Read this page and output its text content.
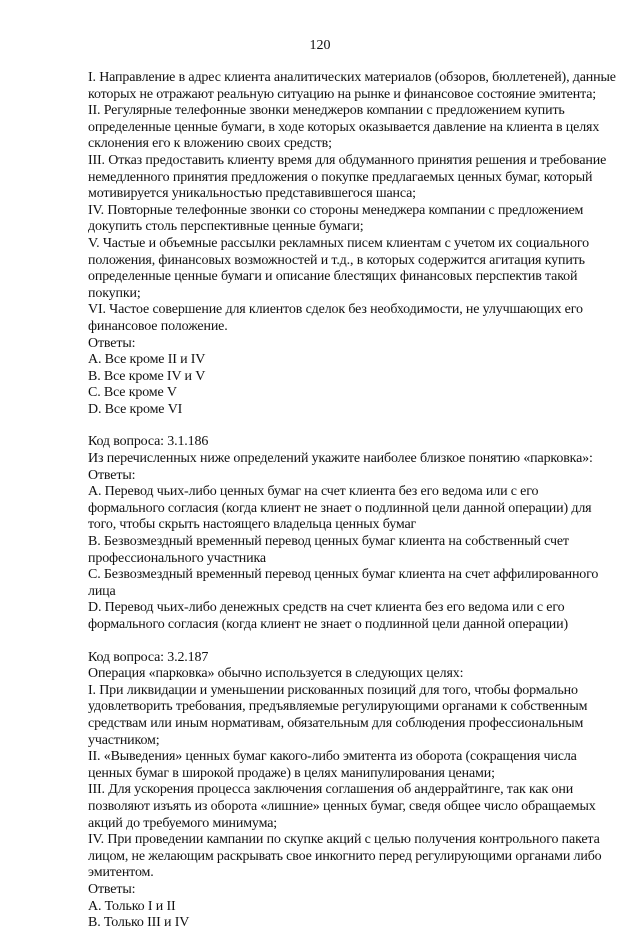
120
I. Направление в адрес клиента аналитических материалов (обзоров, бюллетеней), данные
которых не отражают реальную ситуацию на рынке и финансовое состояние эмитента;
II. Регулярные телефонные звонки менеджеров компании с предложением купить
определенные ценные бумаги, в ходе которых оказывается давление на клиента в целях
склонения его к вложению своих средств;
III. Отказ предоставить клиенту время для обдуманного принятия решения и требование
немедленного принятия предложения о покупке предлагаемых ценных бумаг, который
мотивируется уникальностью представившегося шанса;
IV. Повторные телефонные звонки со стороны менеджера компании с предложением
докупить столь перспективные ценные бумаги;
V. Частые и объемные рассылки рекламных писем клиентам с учетом их социального
положения, финансовых возможностей и т.д., в которых содержится агитация купить
определенные ценные бумаги и описание блестящих финансовых перспектив такой
покупки;
VI. Частое совершение для клиентов сделок без необходимости, не улучшающих его
финансовое положение.
Ответы:
A. Все кроме II и IV
B. Все кроме IV и V
C. Все кроме V
D. Все кроме VI
Код вопроса: 3.1.186
Из перечисленных ниже определений укажите наиболее близкое понятию «парковка»:
Ответы:
A. Перевод чьих-либо ценных бумаг на счет клиента без его ведома или с его
формального согласия (когда клиент не знает о подлинной цели данной операции) для
того, чтобы скрыть настоящего владельца ценных бумаг
B. Безвозмездный временный перевод ценных бумаг клиента на собственный счет
профессионального участника
C. Безвозмездный временный перевод ценных бумаг клиента на счет аффилированного
лица
D. Перевод чьих-либо денежных средств на счет клиента без его ведома или с его
формального согласия (когда клиент не знает о подлинной цели данной операции)
Код вопроса: 3.2.187
Операция «парковка» обычно используется в следующих целях:
I. При ликвидации и уменьшении рискованных позиций для того, чтобы формально
удовлетворить требования, предъявляемые регулирующими органами к собственным
средствам или иным нормативам, обязательным для соблюдения профессиональным
участником;
II. «Выведения» ценных бумаг какого-либо эмитента из оборота (сокращения числа
ценных бумаг в широкой продаже) в целях манипулирования ценами;
III. Для ускорения процесса заключения соглашения об андеррайтинге, так как они
позволяют изъять из оборота «лишние» ценных бумаг, сведя общее число обращаемых
акций до требуемого минимума;
IV. При проведении кампании по скупке акций с целью получения контрольного пакета
лицом, не желающим раскрывать свое инкогнито перед регулирующими органами либо
эмитентом.
Ответы:
A. Только I и II
B. Только III и IV
